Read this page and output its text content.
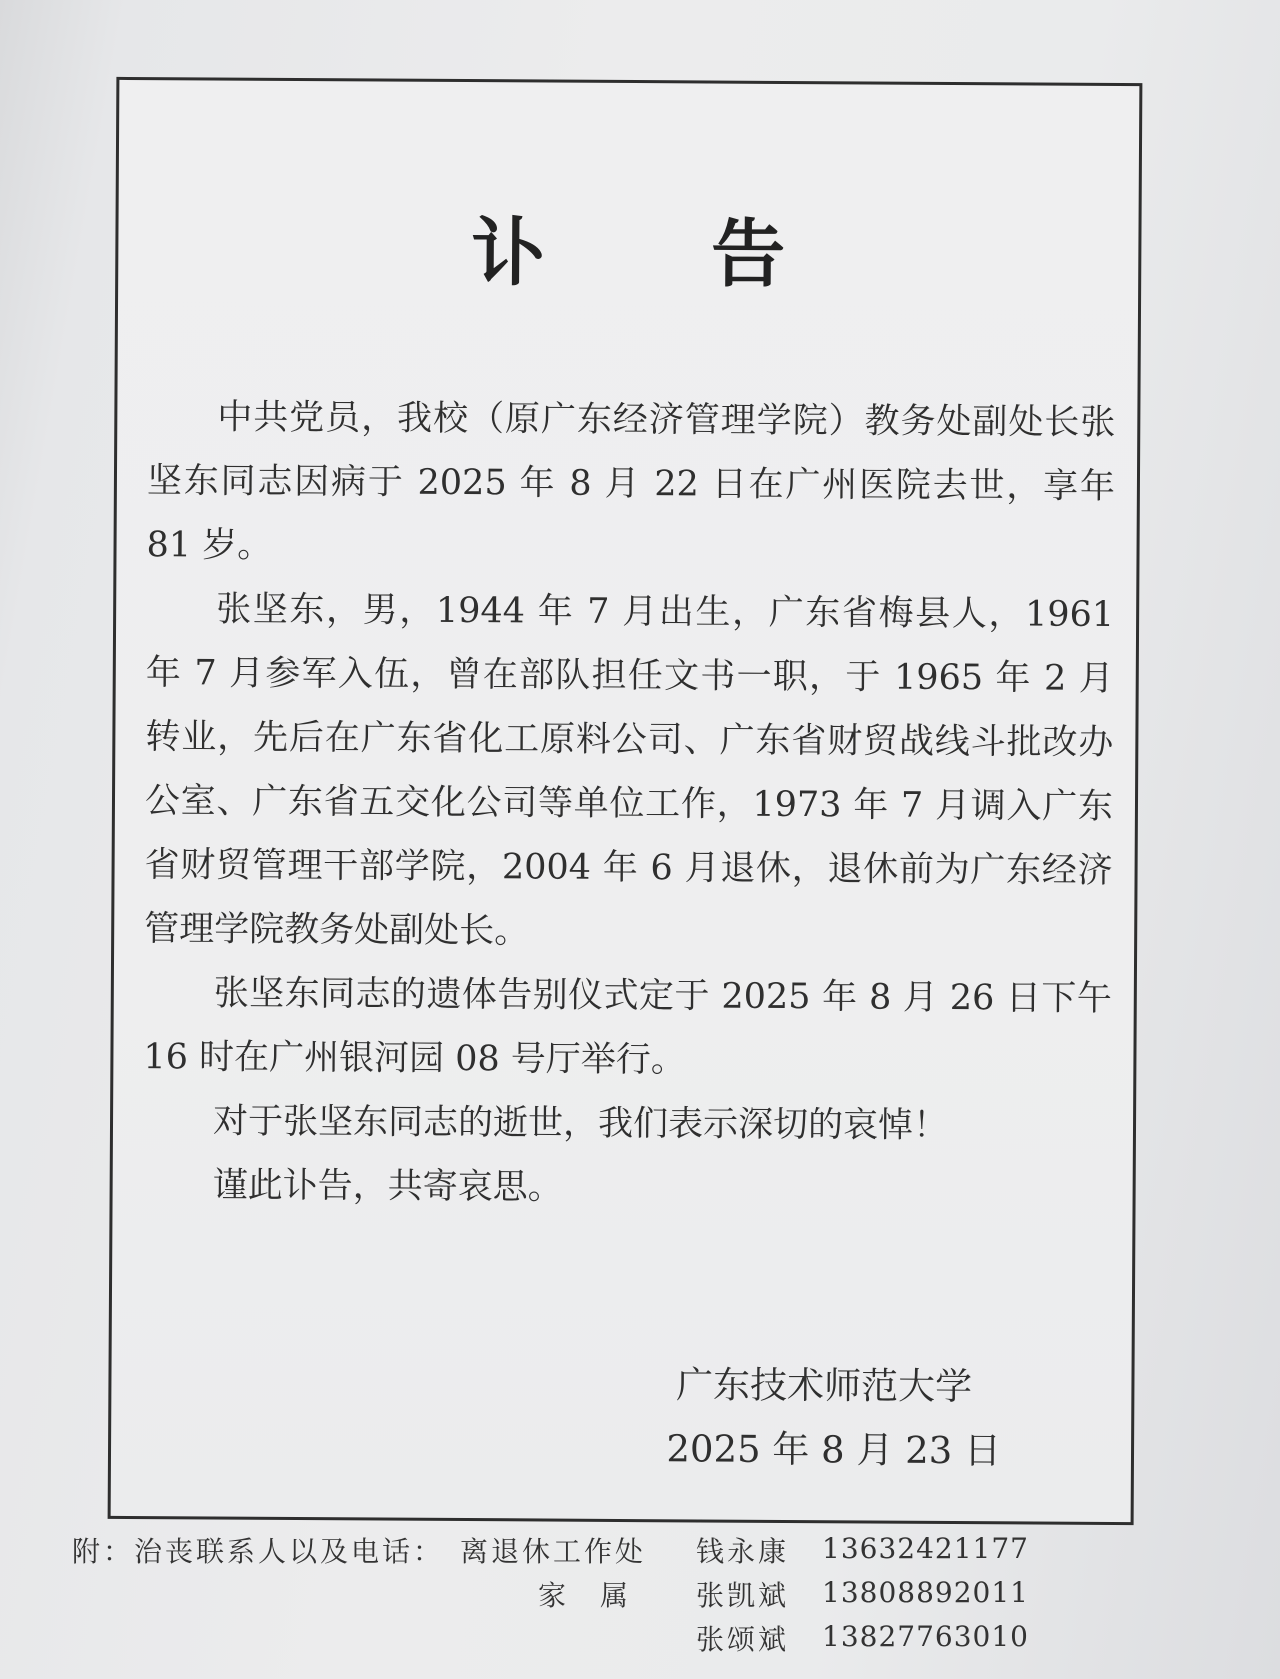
讣 告

中共党员，我校（原广东经济管理学院）教务处副处长张坚东同志因病于 2025 年 8 月 22 日在广州医院去世，享年 81 岁。

张坚东，男，1944 年 7 月出生，广东省梅县人，1961 年 7 月参军入伍，曾在部队担任文书一职，于 1965 年 2 月转业，先后在广东省化工原料公司、广东省财贸战线斗批改办公室、广东省五交化公司等单位工作，1973 年 7 月调入广东省财贸管理干部学院，2004 年 6 月退休，退休前为广东经济管理学院教务处副处长。

张坚东同志的遗体告别仪式定于 2025 年 8 月 26 日下午 16 时在广州银河园 08 号厅举行。

对于张坚东同志的逝世，我们表示深切的哀悼！

谨此讣告，共寄哀思。

广东技术师范大学
2025 年 8 月 23 日
附：治丧联系人以及电话： 离退休工作处 钱永康 13632421177
家　属 张凯斌 13808892011
张颂斌 13827763010
